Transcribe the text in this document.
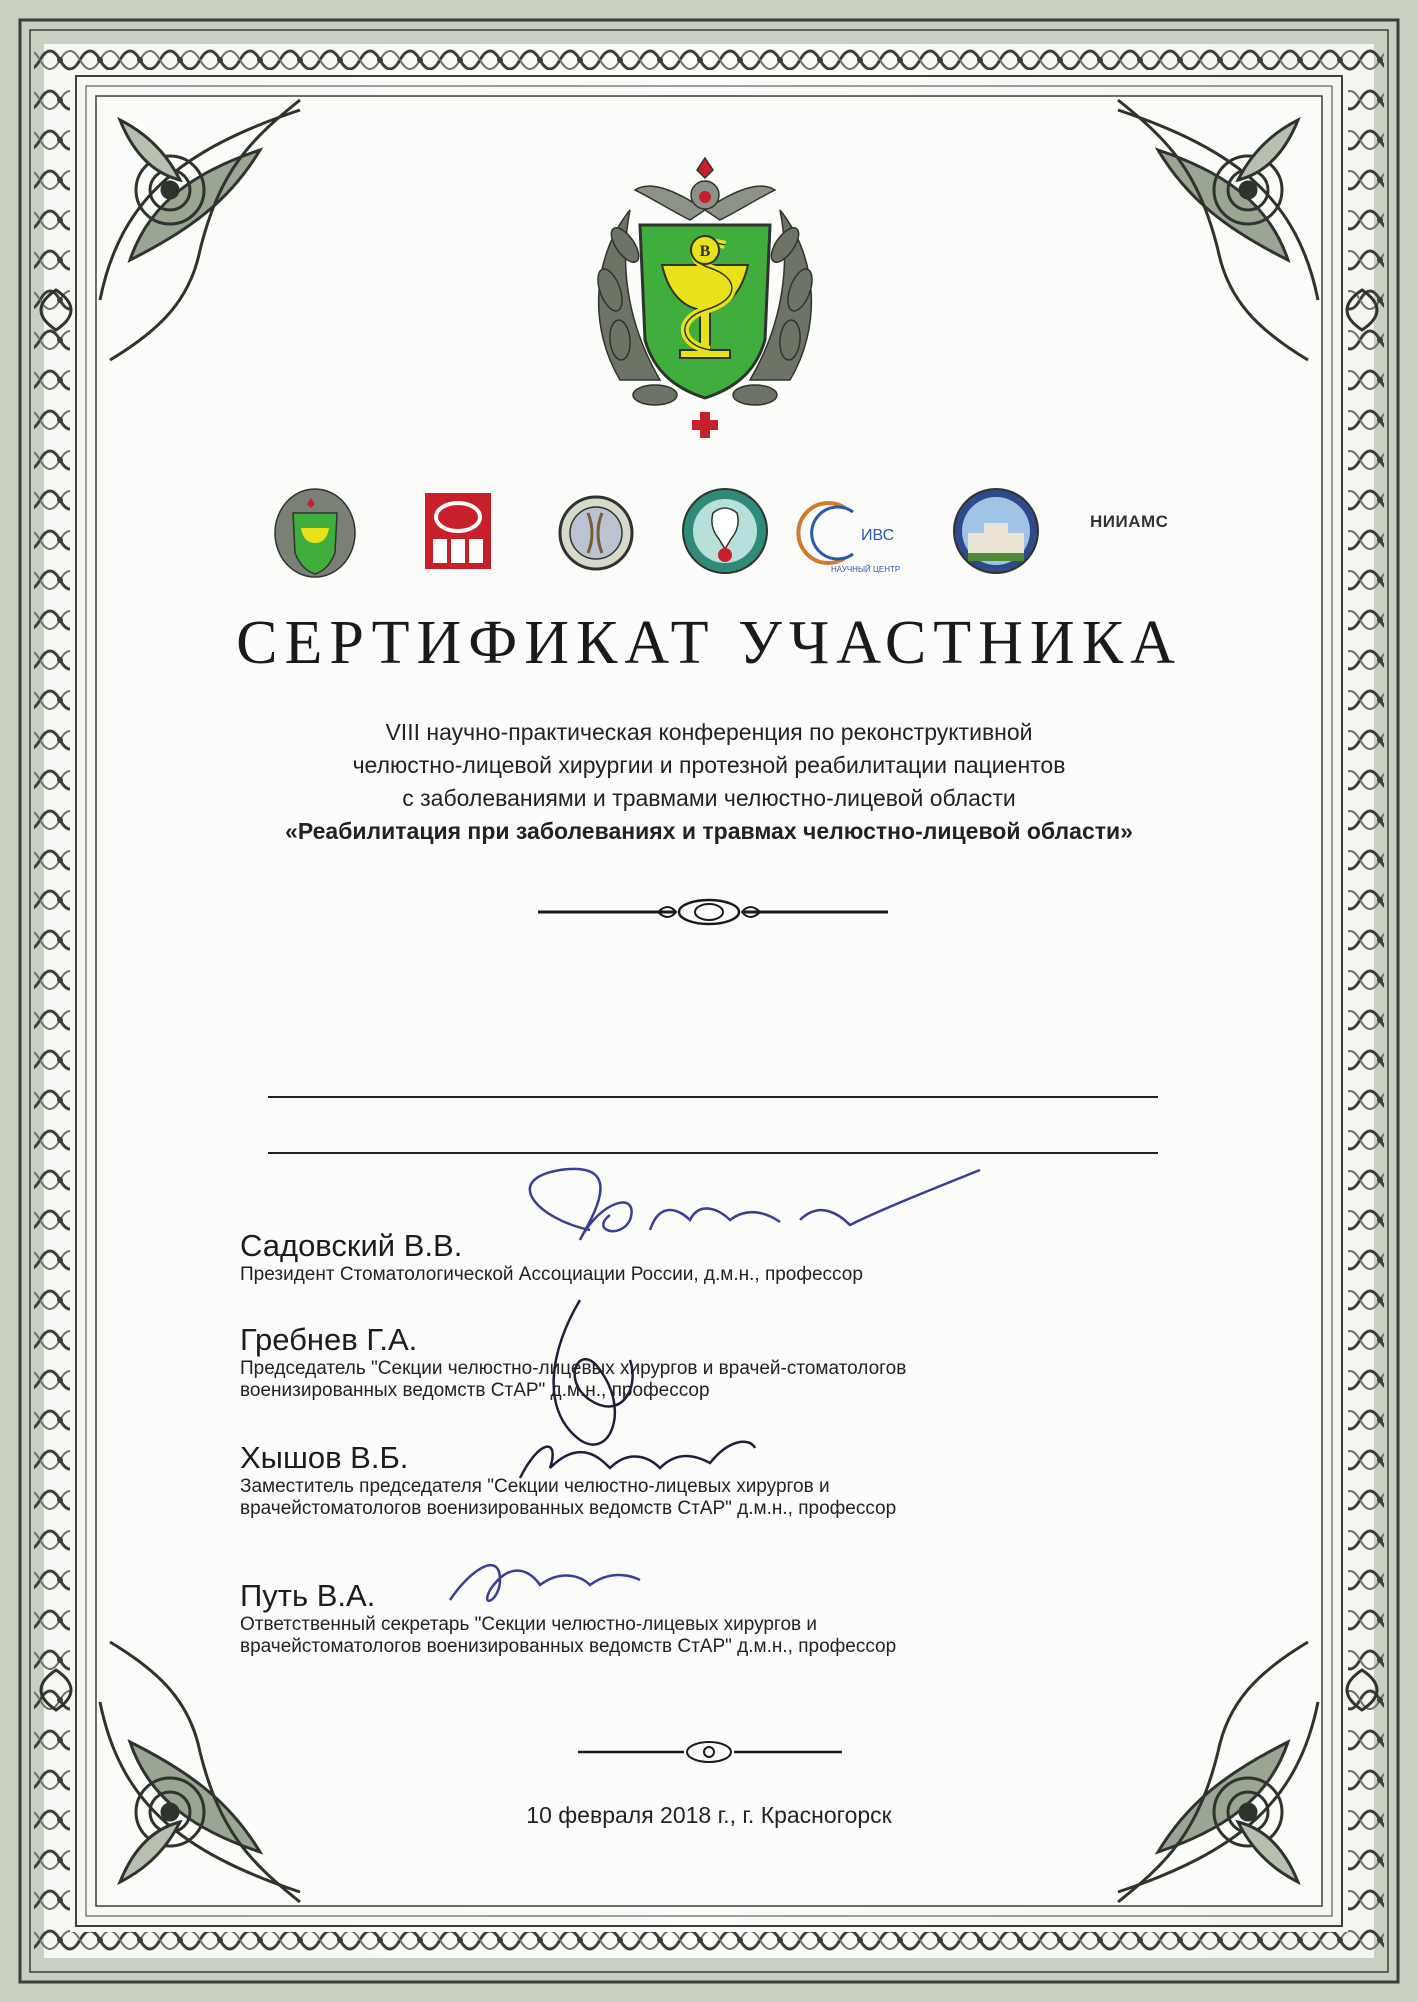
В
ИВС
НАУЧНЫЙ ЦЕНТР
НИИАМС
СЕРТИФИКАТ УЧАСТНИКА
VIII научно-практическая конференция по реконструктивной
челюстно-лицевой хирургии и протезной реабилитации пациентов
с заболеваниями и травмами челюстно-лицевой области
«Реабилитация при заболеваниях и травмах челюстно-лицевой области»
Садовский В.В.
Президент Стоматологической Ассоциации России, д.м.н., профессор
Гребнев Г.А.
Председатель "Секции челюстно-лицевых хирургов и врачей-стоматологов
военизированных ведомств СтАР" д.м.н., профессор
Хышов В.Б.
Заместитель председателя "Секции челюстно-лицевых хирургов и
врачейстоматологов военизированных ведомств СтАР" д.м.н., профессор
Путь В.А.
Ответственный секретарь "Секции челюстно-лицевых хирургов и
врачейстоматологов военизированных ведомств СтАР" д.м.н., профессор
10 февраля 2018 г., г. Красногорск
